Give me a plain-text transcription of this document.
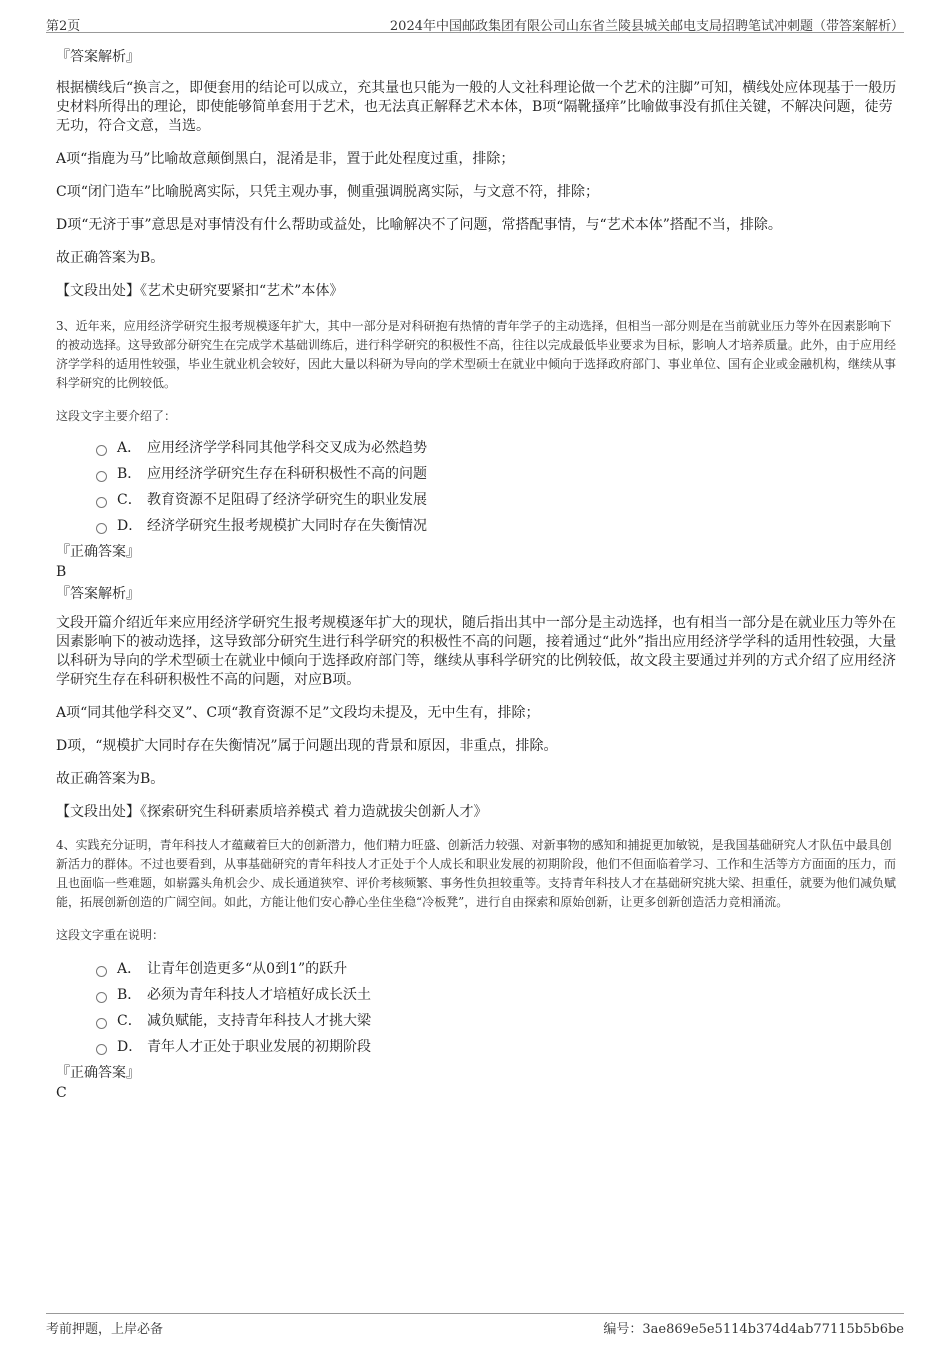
第2页	2024年中国邮政集团有限公司山东省兰陵县城关邮电支局招聘笔试冲刺题（带答案解析）
『答案解析』

根据横线后“换言之，即便套用的结论可以成立，充其量也只能为一般的人文社科理论做一个艺术的注脚”可知，横线处应体现基于一般历史材料所得出的理论，即使能够简单套用于艺术，也无法真正解释艺术本体，B项“隔靴搔痒”比喻做事没有抓住关键，不解决问题，徒劳无功，符合文意，当选。

A项“指鹿为马”比喻故意颠倒黑白，混淆是非，置于此处程度过重，排除；

C项“闭门造车”比喻脱离实际，只凭主观办事，侧重强调脱离实际，与文意不符，排除；

D项“无济于事”意思是对事情没有什么帮助或益处，比喻解决不了问题，常搭配事情，与“艺术本体”搭配不当，排除。

故正确答案为B。

【文段出处】《艺术史研究要紧扣“艺术”本体》

3、近年来，应用经济学研究生报考规模逐年扩大，其中一部分是对科研抱有热情的青年学子的主动选择，但相当一部分则是在当前就业压力等外在因素影响下的被动选择。这导致部分研究生在完成学术基础训练后，进行科学研究的积极性不高，往往以完成最低毕业要求为目标，影响人才培养质量。此外，由于应用经济学学科的适用性较强，毕业生就业机会较好，因此大量以科研为导向的学术型硕士在就业中倾向于选择政府部门、事业单位、国有企业或金融机构，继续从事科学研究的比例较低。

这段文字主要介绍了：

A． 应用经济学学科同其他学科交叉成为必然趋势
B． 应用经济学研究生存在科研积极性不高的问题
C． 教育资源不足阻碍了经济学研究生的职业发展
D． 经济学研究生报考规模扩大同时存在失衡情况
『正确答案』
B
『答案解析』

文段开篇介绍近年来应用经济学研究生报考规模逐年扩大的现状，随后指出其中一部分是主动选择，也有相当一部分是在就业压力等外在因素影响下的被动选择，这导致部分研究生进行科学研究的积极性不高的问题，接着通过“此外”指出应用经济学学科的适用性较强，大量以科研为导向的学术型硕士在就业中倾向于选择政府部门等，继续从事科学研究的比例较低，故文段主要通过并列的方式介绍了应用经济学研究生存在科研积极性不高的问题，对应B项。

A项“同其他学科交叉”、C项“教育资源不足”文段均未提及，无中生有，排除；

D项，“规模扩大同时存在失衡情况”属于问题出现的背景和原因，非重点，排除。

故正确答案为B。

【文段出处】《探索研究生科研素质培养模式 着力造就拔尖创新人才》

4、实践充分证明，青年科技人才蕴藏着巨大的创新潜力，他们精力旺盛、创新活力较强、对新事物的感知和捕捉更加敏锐，是我国基础研究人才队伍中最具创新活力的群体。不过也要看到，从事基础研究的青年科技人才正处于个人成长和职业发展的初期阶段，他们不但面临着学习、工作和生活等方方面面的压力，而且也面临一些难题，如崭露头角机会少、成长通道狭窄、评价考核频繁、事务性负担较重等。支持青年科技人才在基础研究挑大梁、担重任，就要为他们减负赋能，拓展创新创造的广阔空间。如此，方能让他们安心静心坐住坐稳“冷板凳”，进行自由探索和原始创新，让更多创新创造活力竞相涌流。

这段文字重在说明：

A． 让青年创造更多“从0到1”的跃升
B． 必须为青年科技人才培植好成长沃土
C． 减负赋能，支持青年科技人才挑大梁
D． 青年人才正处于职业发展的初期阶段
『正确答案』
C
考前押题，上岸必备	编号：3ae869e5e5114b374d4ab77115b5b6be
